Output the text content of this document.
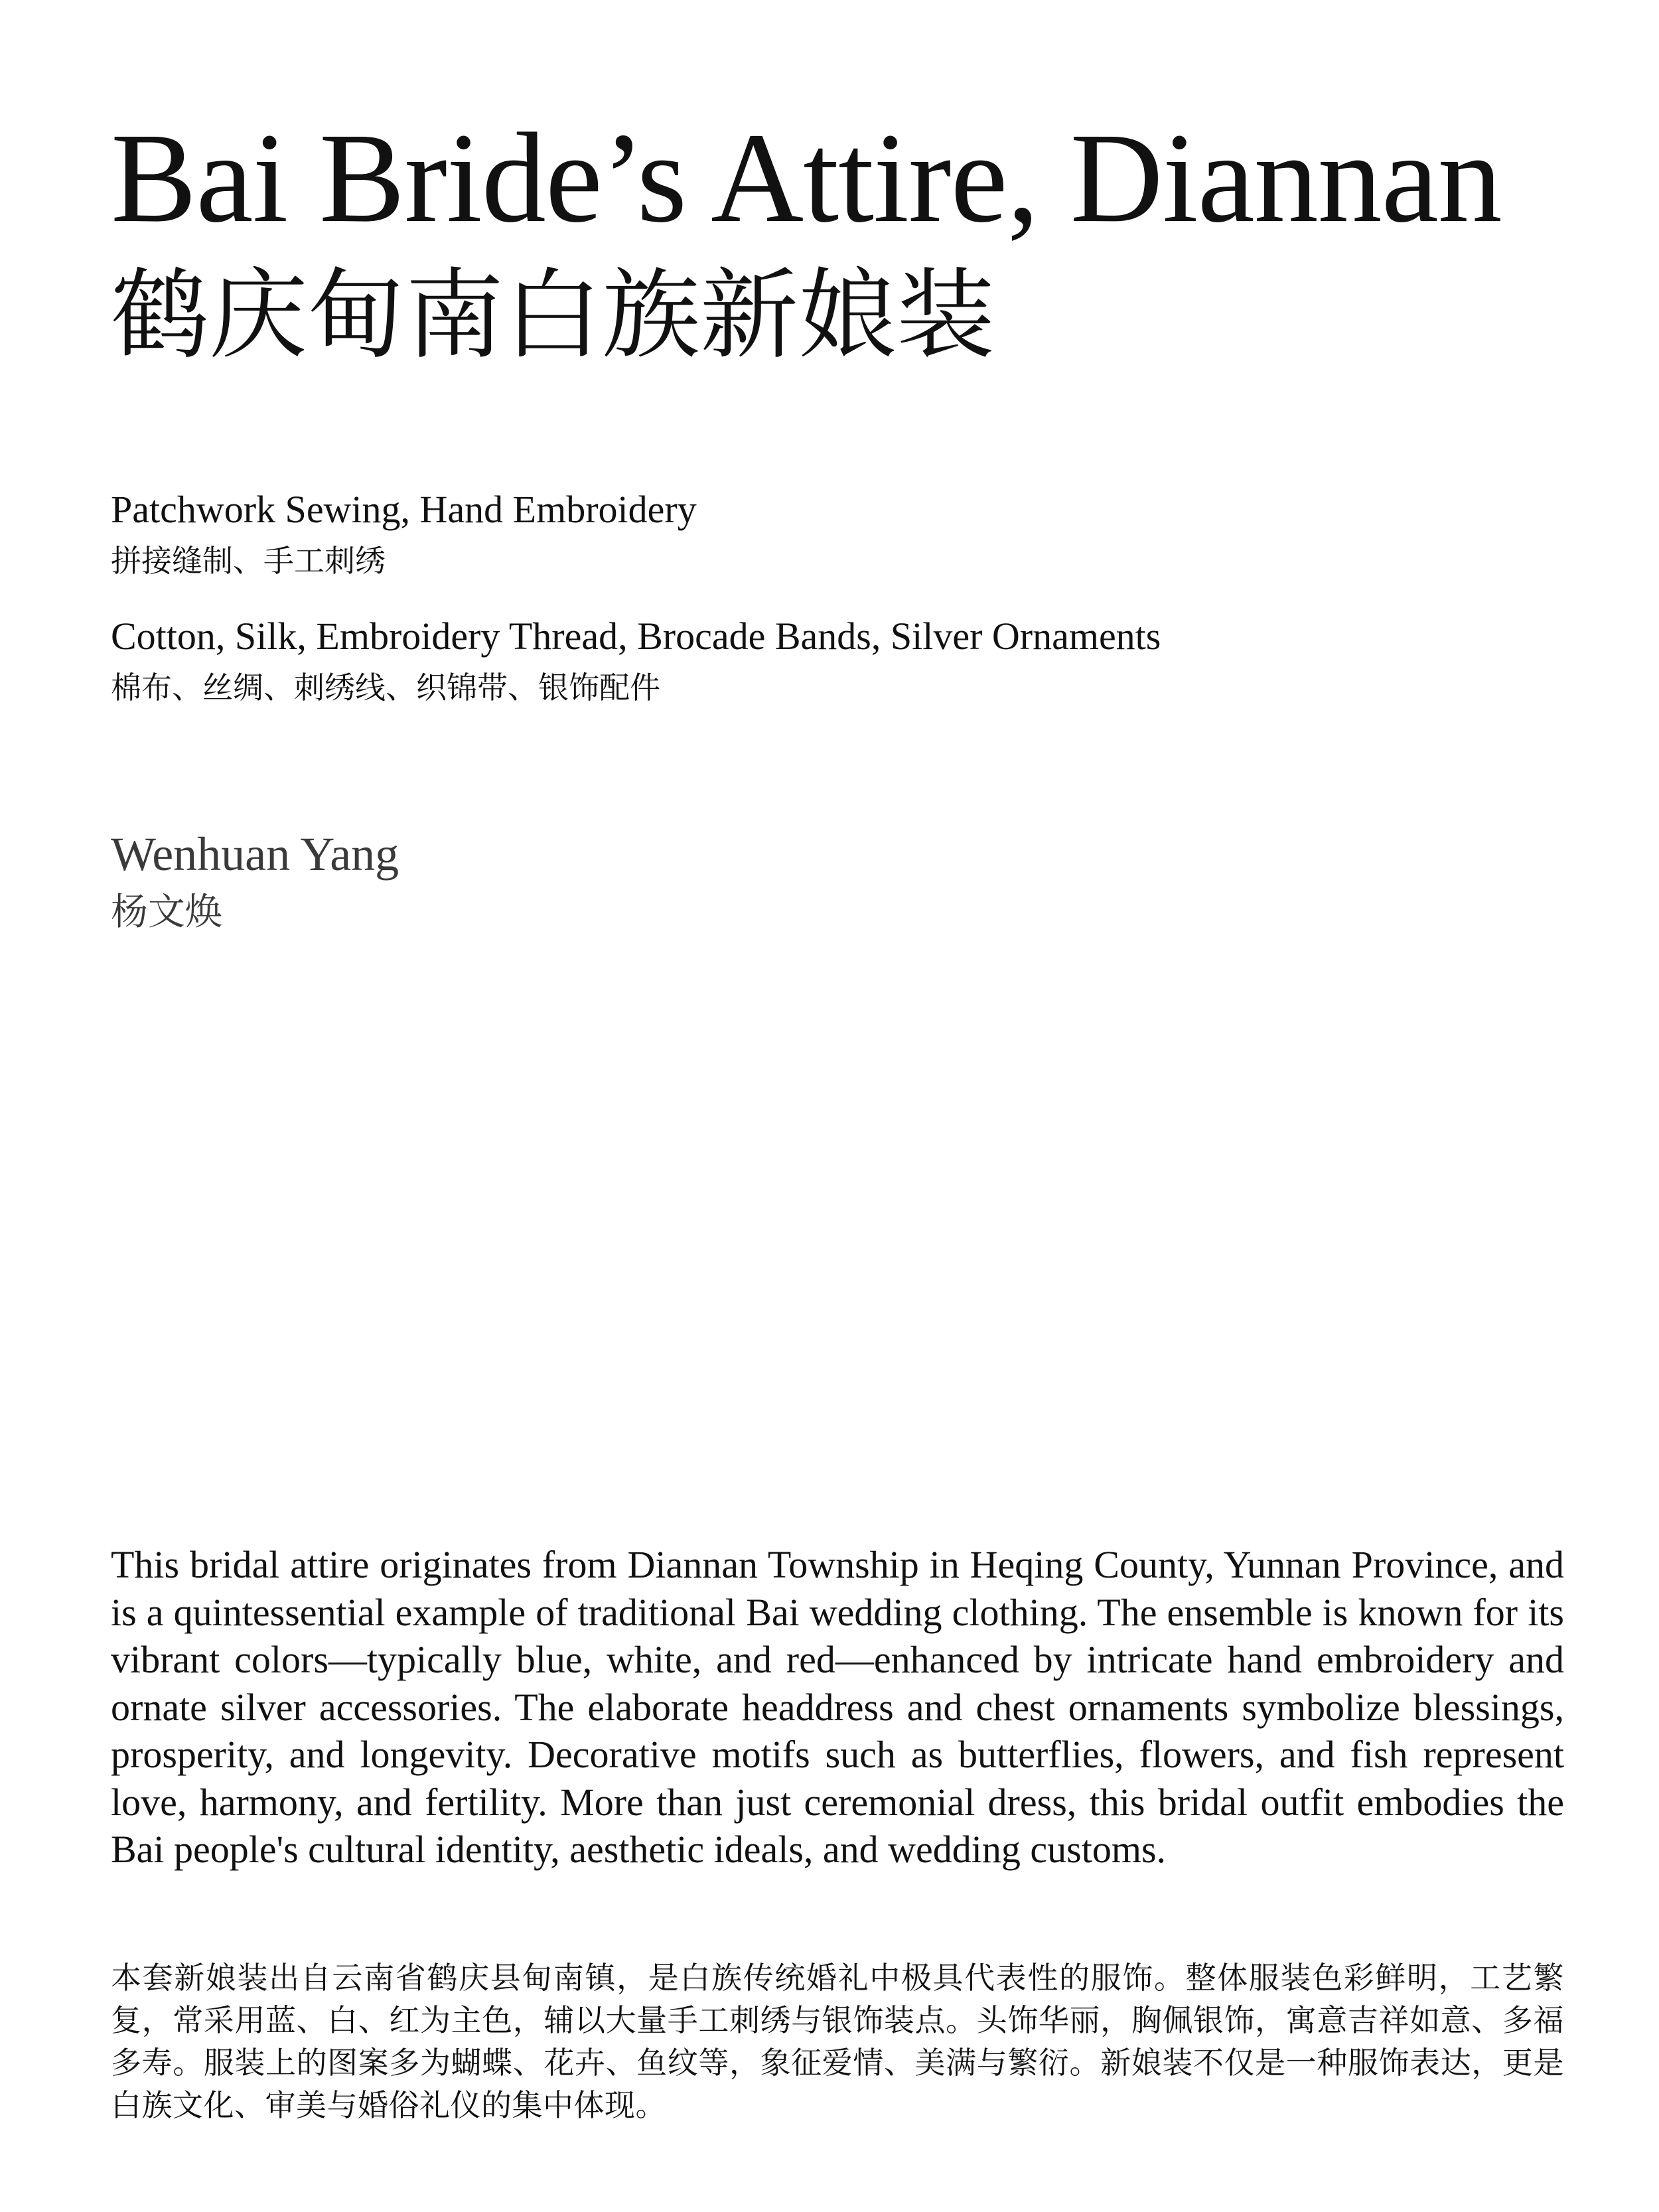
Bai Bride’s Attire, Diannan
鹤庆甸南白族新娘装
Patchwork Sewing, Hand Embroidery
拼接缝制、手工刺绣
Cotton, Silk, Embroidery Thread, Brocade Bands, Silver Ornaments
棉布、丝绸、刺绣线、织锦带、银饰配件
Wenhuan Yang
杨文焕

This bridal attire originates from Diannan Township in Heqing County, Yunnan Province, and is a quintessential example of traditional Bai wedding clothing. The ensemble is known for its vibrant colors—typically blue, white, and red—enhanced by intricate hand embroidery and ornate silver accessories. The elaborate headdress and chest ornaments symbolize blessings, prosperity, and longevity. Decorative motifs such as butterflies, flowers, and fish represent love, harmony, and fertility. More than just ceremonial dress, this bridal outfit embodies the Bai people's cultural identity, aesthetic ideals, and wedding customs.

本套新娘装出自云南省鹤庆县甸南镇，是白族传统婚礼中极具代表性的服饰。整体服装色彩鲜明，工艺繁复，常采用蓝、白、红为主色，辅以大量手工刺绣与银饰装点。头饰华丽，胸佩银饰，寓意吉祥如意、多福多寿。服装上的图案多为蝴蝶、花卉、鱼纹等，象征爱情、美满与繁衍。新娘装不仅是一种服饰表达，更是白族文化、审美与婚俗礼仪的集中体现。
